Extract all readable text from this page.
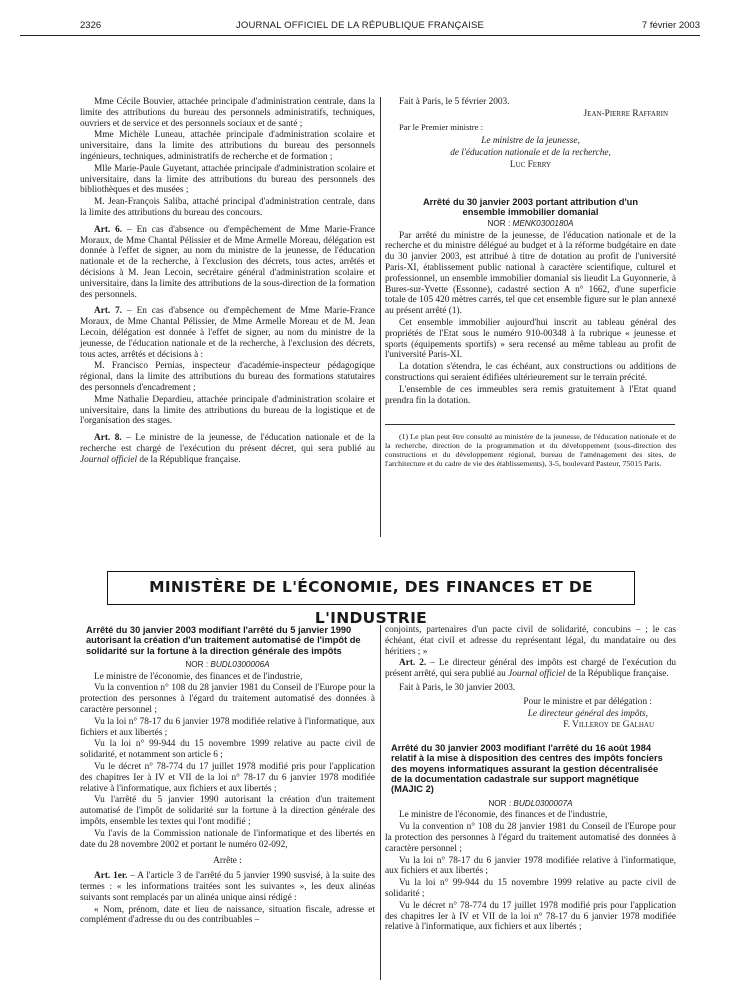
2326	JOURNAL OFFICIEL DE LA RÉPUBLIQUE FRANÇAISE	7 février 2003

Mme Cécile Bouvier, attachée principale d'administration centrale, dans la limite des attributions du bureau des personnels administratifs, techniques, ouvriers et de service et des personnels sociaux et de santé ;

Mme Michèle Luneau, attachée principale d'administration scolaire et universitaire, dans la limite des attributions du bureau des personnels ingénieurs, techniques, administratifs de recherche et de formation ;

Mlle Marie-Paule Guyetant, attachée principale d'administration scolaire et universitaire, dans la limite des attributions du bureau des personnels des bibliothèques et des musées ;

M. Jean-François Saliba, attaché principal d'administration centrale, dans la limite des attributions du bureau des concours.

Art. 6. – En cas d'absence ou d'empêchement de Mme Marie-France Moraux, de Mme Chantal Pélissier et de Mme Armelle Moreau, délégation est donnée à l'effet de signer, au nom du ministre de la jeunesse, de l'éducation nationale et de la recherche, à l'exclusion des décrets, tous actes, arrêtés et décisions à M. Jean Lecoin, secrétaire général d'administration scolaire et universitaire, dans la limite des attributions de la sous-direction de la formation des personnels.

Art. 7. – En cas d'absence ou d'empêchement de Mme Marie-France Moraux, de Mme Chantal Pélissier, de Mme Armelle Moreau et de M. Jean Lecoin, délégation est donnée à l'effet de signer, au nom du ministre de la jeunesse, de l'éducation nationale et de la recherche, à l'exclusion des décrets, tous actes, arrêtés et décisions à :

M. Francisco Pernias, inspecteur d'académie-inspecteur pédagogique régional, dans la limite des attributions du bureau des formations statutaires des personnels d'encadrement ;

Mme Nathalie Depardieu, attachée principale d'administration scolaire et universitaire, dans la limite des attributions du bureau de la logistique et de l'organisation des stages.

Art. 8. – Le ministre de la jeunesse, de l'éducation nationale et de la recherche est chargé de l'exécution du présent décret, qui sera publié au Journal officiel de la République française.

Fait à Paris, le 5 février 2003.

Jean-Pierre Raffarin

Par le Premier ministre :

Le ministre de la jeunesse,

de l'éducation nationale et de la recherche,

Luc Ferry

Arrêté du 30 janvier 2003 portant attribution d'un ensemble immobilier domanial

NOR : MENK0300180A

Par arrêté du ministre de la jeunesse, de l'éducation nationale et de la recherche et du ministre délégué au budget et à la réforme budgétaire en date du 30 janvier 2003, est attribué à titre de dotation au profit de l'université Paris-XI, établissement public national à caractère scientifique, culturel et professionnel, un ensemble immobilier domanial sis lieudit La Guyonnerie, à Bures-sur-Yvette (Essonne), cadastré section A n° 1662, d'une superficie totale de 105 420 mètres carrés, tel que cet ensemble figure sur le plan annexé au présent arrêté (1).

Cet ensemble immobilier aujourd'hui inscrit au tableau général des propriétés de l'Etat sous le numéro 910-00348 à la rubrique « jeunesse et sports (équipements sportifs) » sera recensé au même tableau au profit de l'université Paris-XI.

La dotation s'étendra, le cas échéant, aux constructions ou additions de constructions qui seraient édifiées ultérieurement sur le terrain précité.

L'ensemble de ces immeubles sera remis gratuitement à l'Etat quand prendra fin la dotation.

(1) Le plan peut être consulté au ministère de la jeunesse, de l'éducation nationale et de la recherche, direction de la programmation et du développement (sous-direction des constructions et du développement régional, bureau de l'aménagement des sites, de l'architecture et du cadre de vie des établissements), 3-5, boulevard Pasteur, 75015 Paris.

MINISTÈRE DE L'ÉCONOMIE, DES FINANCES ET DE L'INDUSTRIE

Arrêté du 30 janvier 2003 modifiant l'arrêté du 5 janvier 1990 autorisant la création d'un traitement automatisé de l'impôt de solidarité sur la fortune à la direction générale des impôts

NOR : BUDL0300006A

Le ministre de l'économie, des finances et de l'industrie,

Vu la convention n° 108 du 28 janvier 1981 du Conseil de l'Europe pour la protection des personnes à l'égard du traitement automatisé des données à caractère personnel ;

Vu la loi n° 78-17 du 6 janvier 1978 modifiée relative à l'informatique, aux fichiers et aux libertés ;

Vu la loi n° 99-944 du 15 novembre 1999 relative au pacte civil de solidarité, et notamment son article 6 ;

Vu le décret n° 78-774 du 17 juillet 1978 modifié pris pour l'application des chapitres Ier à IV et VII de la loi n° 78-17 du 6 janvier 1978 modifiée relative à l'informatique, aux fichiers et aux libertés ;

Vu l'arrêté du 5 janvier 1990 autorisant la création d'un traitement automatisé de l'impôt de solidarité sur la fortune à la direction générale des impôts, ensemble les textes qui l'ont modifié ;

Vu l'avis de la Commission nationale de l'informatique et des libertés en date du 28 novembre 2002 et portant le numéro 02-092,

Arrête :

Art. 1er. – A l'article 3 de l'arrêté du 5 janvier 1990 susvisé, à la suite des termes : « les informations traitées sont les suivantes », les deux alinéas suivants sont remplacés par un alinéa unique ainsi rédigé :

« Nom, prénom, date et lieu de naissance, situation fiscale, adresse et complément d'adresse du ou des contribuables –

conjoints, partenaires d'un pacte civil de solidarité, concubins – ; le cas échéant, état civil et adresse du représentant légal, du mandataire ou des héritiers ; »

Art. 2. – Le directeur général des impôts est chargé de l'exécution du présent arrêté, qui sera publié au Journal officiel de la République française.

Fait à Paris, le 30 janvier 2003.

Pour le ministre et par délégation :

Le directeur général des impôts,

F. Villeroy de Galhau

Arrêté du 30 janvier 2003 modifiant l'arrêté du 16 août 1984 relatif à la mise à disposition des centres des impôts fonciers des moyens informatiques assurant la gestion décentralisée de la documentation cadastrale sur support magnétique (MAJIC 2)

NOR : BUDL0300007A

Le ministre de l'économie, des finances et de l'industrie,

Vu la convention n° 108 du 28 janvier 1981 du Conseil de l'Europe pour la protection des personnes à l'égard du traitement automatisé des données à caractère personnel ;

Vu la loi n° 78-17 du 6 janvier 1978 modifiée relative à l'informatique, aux fichiers et aux libertés ;

Vu la loi n° 99-944 du 15 novembre 1999 relative au pacte civil de solidarité ;

Vu le décret n° 78-774 du 17 juillet 1978 modifié pris pour l'application des chapitres Ier à IV et VII de la loi n° 78-17 du 6 janvier 1978 modifiée relative à l'informatique, aux fichiers et aux libertés ;
